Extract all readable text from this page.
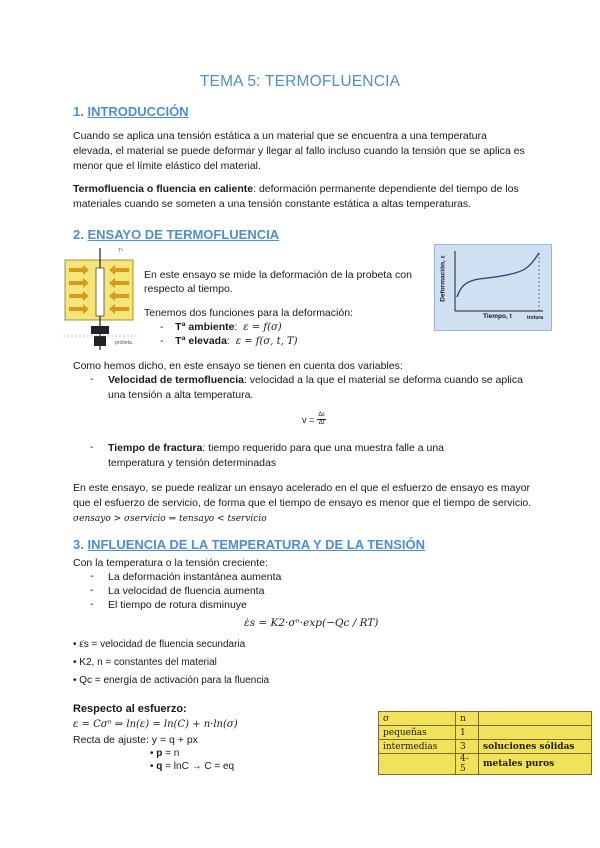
TEMA 5: TERMOFLUENCIA
1. INTRODUCCIÓN
Cuando se aplica una tensión estática a un material que se encuentra a una temperatura elevada, el material se puede deformar y llegar al fallo incluso cuando la tensión que se aplica es menor que el límite elástico del material.
Termofluencia o fluencia en caliente: deformación permanente dependiente del tiempo de los materiales cuando se someten a una tensión constante estática a altas temperaturas.
2. ENSAYO DE TERMOFLUENCIA
Tª
probeta
En este ensayo se mide la deformación de la probeta con respecto al tiempo.
Tenemos dos funciones para la deformación:
-    Tª ambiente:  ε = f(σ)
-    Tª elevada:  ε = f(σ, t, T)
Deformación, ε
Tiempo, t	trotura
Como hemos dicho, en este ensayo se tienen en cuenta dos variables:
- Velocidad de termofluencia: velocidad a la que el material se deforma cuando se aplica una tensión a alta temperatura.
$v = \frac{\Delta\varepsilon}{\Delta t}$
- Tiempo de fractura: tiempo requerido para que una muestra falle a una temperatura y tensión determinadas
En este ensayo, se puede realizar un ensayo acelerado en el que el esfuerzo de ensayo es mayor que el esfuerzo de servicio, de forma que el tiempo de ensayo es menor que el tiempo de servicio. σensayo > σservicio ⇒ tensayo < tservicio
3. INFLUENCIA DE LA TEMPERATURA Y DE LA TENSIÓN
Con la temperatura o la tensión creciente:
- La deformación instantánea aumenta
- La velocidad de fluencia aumenta
- El tiempo de rotura disminuye
ε̇s = K2·σⁿ·exp(−Qc / RT)
• ε̇s = velocidad de fluencia secundaria
• K2, n = constantes del material
• Qc = energía de activación para la fluencia
Respecto al esfuerzo:
ε = Cσⁿ ⇒ ln(ε) = ln(C) + n·ln(σ)
Recta de ajuste: y = q + px
• p = n
• q = lnC → C = eq
σ	n	
pequeñas	1	
intermedias	3	soluciones sólidas
	4-5	metales puros
